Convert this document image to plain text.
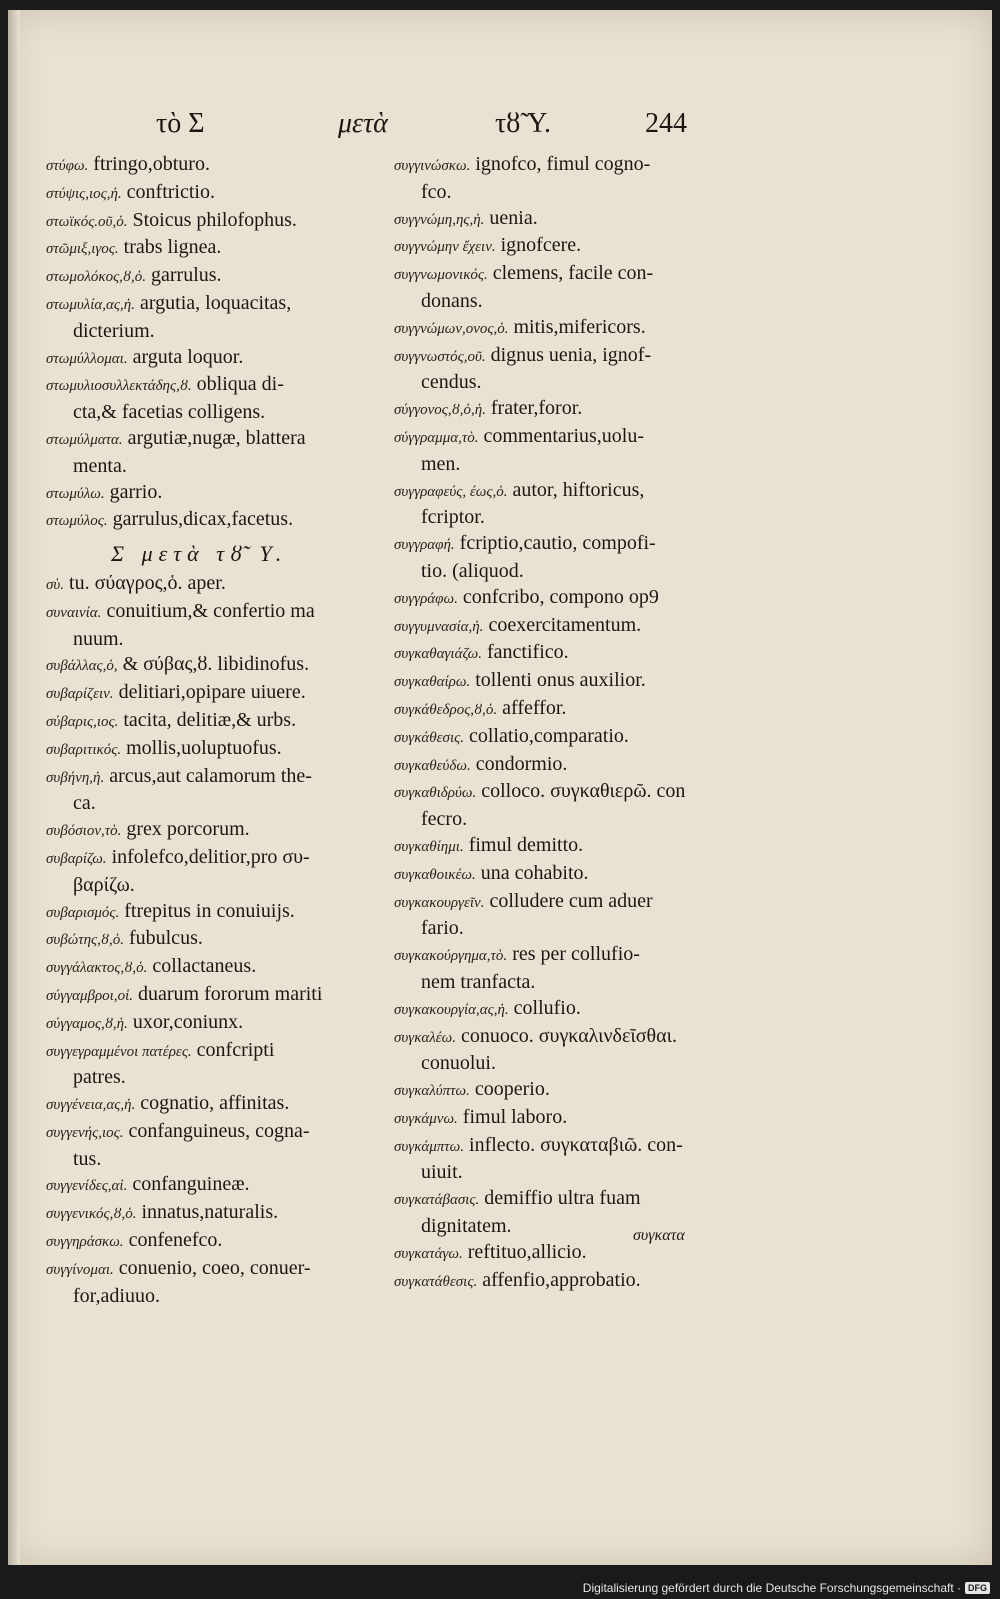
τὸ Σ	μετὰ	τȣ̃ Υ.	244
στύφω. ftringo,obturo.
στύψις,ιος,ἡ. conftrictio.
στωϊκός.οῦ,ὁ. Stoicus philofophus.
στῶμιξ,ιγος. trabs lignea.
στωμολόκος,ȣ,ὁ. garrulus.
στωμυλία,ας,ἡ. argutia, loquacitas,
dicterium.
στωμύλλομαι. arguta loquor.
στωμυλιοσυλλεκτάδης,ȣ. obliqua di-
cta,& facetias colligens.
στωμύλματα. argutiæ,nugæ, blattera
menta.
στωμύλω. garrio.
στωμύλος. garrulus,dicax,facetus.
Σ μετὰ τȣ̃ Υ.
σὺ. tu. σύαγρος,ὁ. aper.
συναινία. conuitium,& confertio ma
nuum.
συβάλλας,ὁ, & σύβας,ȣ. libidinofus.
συβαρίζειν. delitiari,opipare uiuere.
σύβαρις,ιος. tacita, delitiæ,& urbs.
συβαριτικός. mollis,uoluptuofus.
συβήνη,ἡ. arcus,aut calamorum the-
ca.
συβόσιον,τὸ. grex porcorum.
συβαρίζω. infolefco,delitior,pro συ-
βαρίζω.
συβαρισμός. ftrepitus in conuiuijs.
συβώτης,ȣ,ὁ. fubulcus.
συγγάλακτος,ȣ,ὁ. collactaneus.
σύγγαμβροι,οἱ. duarum fororum mariti
σύγγαμος,ȣ,ἡ. uxor,coniunx.
συγγεγραμμένοι πατέρες. confcripti
patres.
συγγένεια,ας,ἡ. cognatio, affinitas.
συγγενής,ιος. confanguineus, cogna-
tus.
συγγενίδες,αἱ. confanguineæ.
συγγενικός,ȣ,ὁ. innatus,naturalis.
συγγηράσκω. confenefco.
συγγίνομαι. conuenio, coeo, conuer-
for,adiuuo.
συγγινώσκω. ignofco, fimul cogno-
fco.
συγγνώμη,ης,ἡ. uenia.
συγγνώμην ἔχειν. ignofcere.
συγγνωμονικός. clemens, facile con-
donans.
συγγνώμων,ονος,ὁ. mitis,mifericors.
συγγνωστός,οῦ. dignus uenia, ignof-
cendus.
σύγγονος,ȣ,ὁ,ἡ. frater,foror.
σύγγραμμα,τὸ. commentarius,uolu-
men.
συγγραφεύς, έως,ὁ. autor, hiftoricus,
fcriptor.
συγγραφή. fcriptio,cautio, compofi-
tio. (aliquod.
συγγράφω. confcribo, compono op9
συγγυμνασία,ἡ. coexercitamentum.
συγκαθαγιάζω. fanctifico.
συγκαθαίρω. tollenti onus auxilior.
συγκάθεδρος,ȣ,ὁ. affeffor.
συγκάθεσις. collatio,comparatio.
συγκαθεύδω. condormio.
συγκαθιδρύω. colloco. συγκαθιερῶ. con
fecro.
συγκαθίημι. fimul demitto.
συγκαθοικέω. una cohabito.
συγκακουργεῖν. colludere cum aduer
fario.
συγκακούργημα,τὸ. res per collufio-
nem tranfacta.
συγκακουργία,ας,ἡ. collufio.
συγκαλέω. conuoco. συγκαλινδεῖσθαι.
conuolui.
συγκαλύπτω. cooperio.
συγκάμνω. fimul laboro.
συγκάμπτω. inflecto. συγκαταβιῶ. con-
uiuit.
συγκατάβασις. demiffio ultra fuam
dignitatem.
συγκατάγω. reftituo,allicio.
συγκατάθεσις. affenfio,approbatio.
συγκατα
Digitalisierung gefördert durch die Deutsche Forschungsgemeinschaft · DFG
